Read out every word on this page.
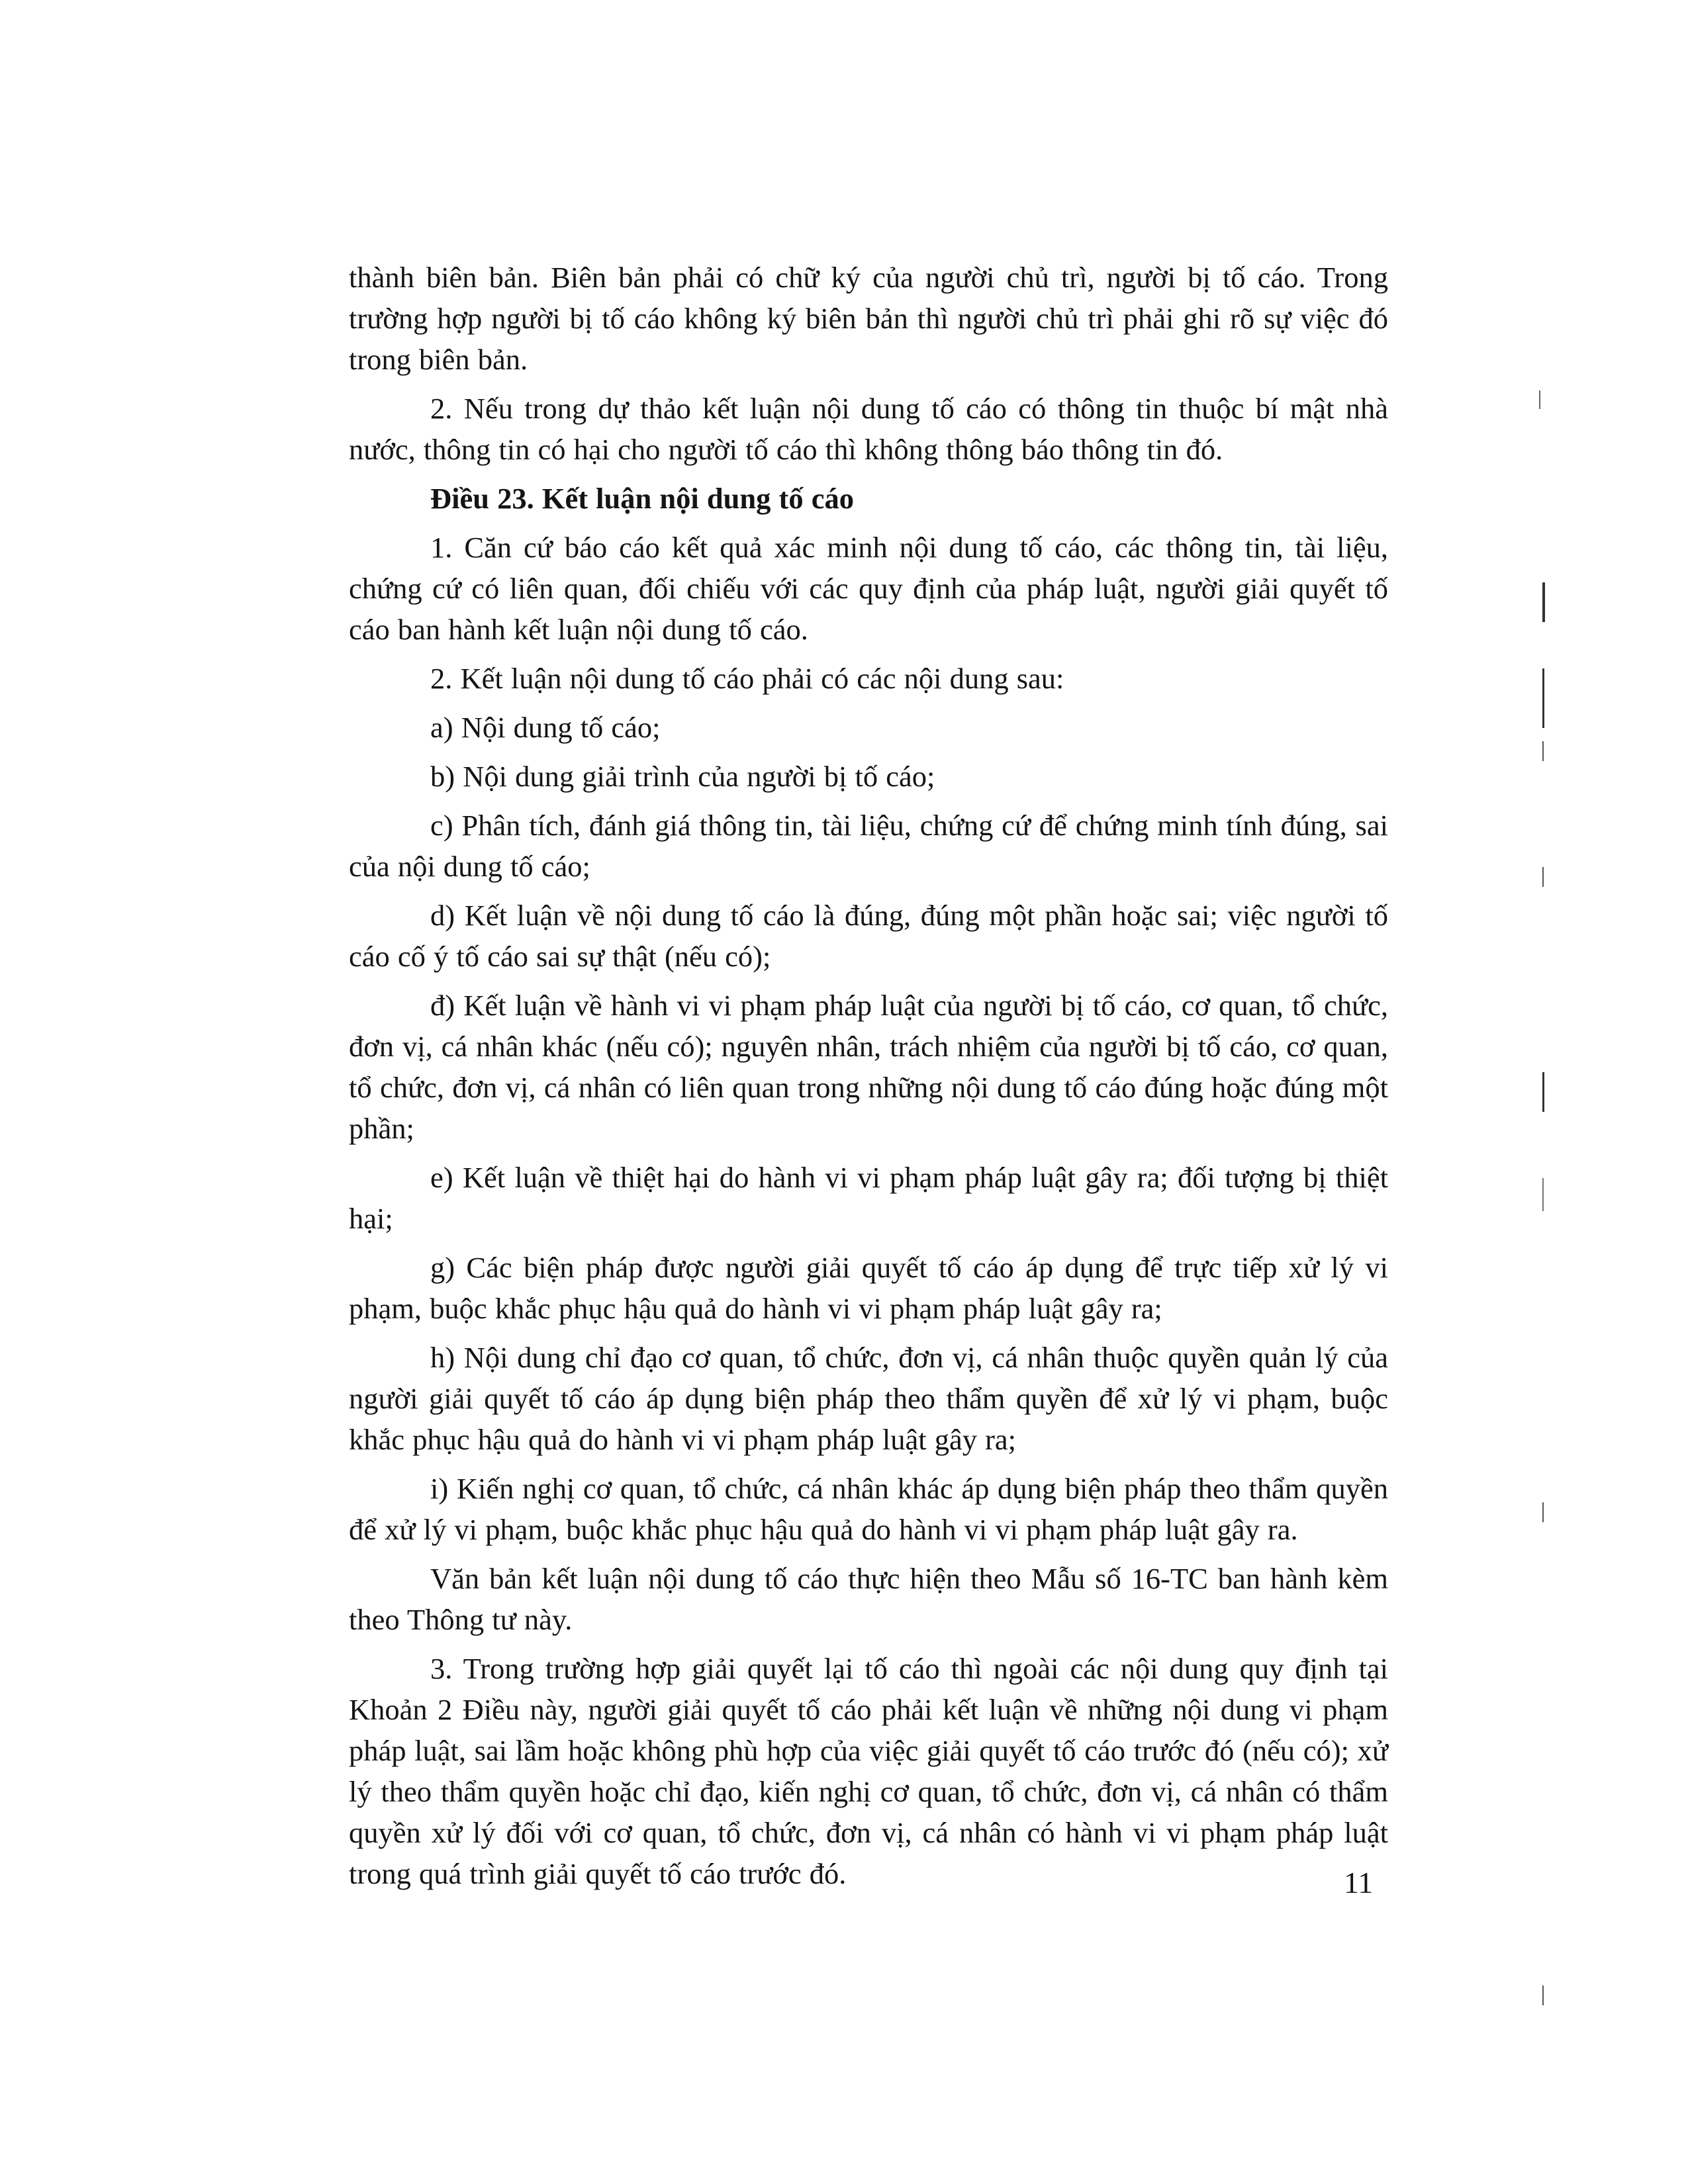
thành biên bản. Biên bản phải có chữ ký của người chủ trì, người bị tố cáo. Trong trường hợp người bị tố cáo không ký biên bản thì người chủ trì phải ghi rõ sự việc đó trong biên bản.

2. Nếu trong dự thảo kết luận nội dung tố cáo có thông tin thuộc bí mật nhà nước, thông tin có hại cho người tố cáo thì không thông báo thông tin đó.

Điều 23. Kết luận nội dung tố cáo

1. Căn cứ báo cáo kết quả xác minh nội dung tố cáo, các thông tin, tài liệu, chứng cứ có liên quan, đối chiếu với các quy định của pháp luật, người giải quyết tố cáo ban hành kết luận nội dung tố cáo.

2. Kết luận nội dung tố cáo phải có các nội dung sau:

a) Nội dung tố cáo;

b) Nội dung giải trình của người bị tố cáo;

c) Phân tích, đánh giá thông tin, tài liệu, chứng cứ để chứng minh tính đúng, sai của nội dung tố cáo;

d) Kết luận về nội dung tố cáo là đúng, đúng một phần hoặc sai; việc người tố cáo cố ý tố cáo sai sự thật (nếu có);

đ) Kết luận về hành vi vi phạm pháp luật của người bị tố cáo, cơ quan, tổ chức, đơn vị, cá nhân khác (nếu có); nguyên nhân, trách nhiệm của người bị tố cáo, cơ quan, tổ chức, đơn vị, cá nhân có liên quan trong những nội dung tố cáo đúng hoặc đúng một phần;

e) Kết luận về thiệt hại do hành vi vi phạm pháp luật gây ra; đối tượng bị thiệt hại;

g) Các biện pháp được người giải quyết tố cáo áp dụng để trực tiếp xử lý vi phạm, buộc khắc phục hậu quả do hành vi vi phạm pháp luật gây ra;

h) Nội dung chỉ đạo cơ quan, tổ chức, đơn vị, cá nhân thuộc quyền quản lý của người giải quyết tố cáo áp dụng biện pháp theo thẩm quyền để xử lý vi phạm, buộc khắc phục hậu quả do hành vi vi phạm pháp luật gây ra;

i) Kiến nghị cơ quan, tổ chức, cá nhân khác áp dụng biện pháp theo thẩm quyền để xử lý vi phạm, buộc khắc phục hậu quả do hành vi vi phạm pháp luật gây ra.

Văn bản kết luận nội dung tố cáo thực hiện theo Mẫu số 16-TC ban hành kèm theo Thông tư này.

3. Trong trường hợp giải quyết lại tố cáo thì ngoài các nội dung quy định tại Khoản 2 Điều này, người giải quyết tố cáo phải kết luận về những nội dung vi phạm pháp luật, sai lầm hoặc không phù hợp của việc giải quyết tố cáo trước đó (nếu có); xử lý theo thẩm quyền hoặc chỉ đạo, kiến nghị cơ quan, tổ chức, đơn vị, cá nhân có thẩm quyền xử lý đối với cơ quan, tổ chức, đơn vị, cá nhân có hành vi vi phạm pháp luật trong quá trình giải quyết tố cáo trước đó.	11
